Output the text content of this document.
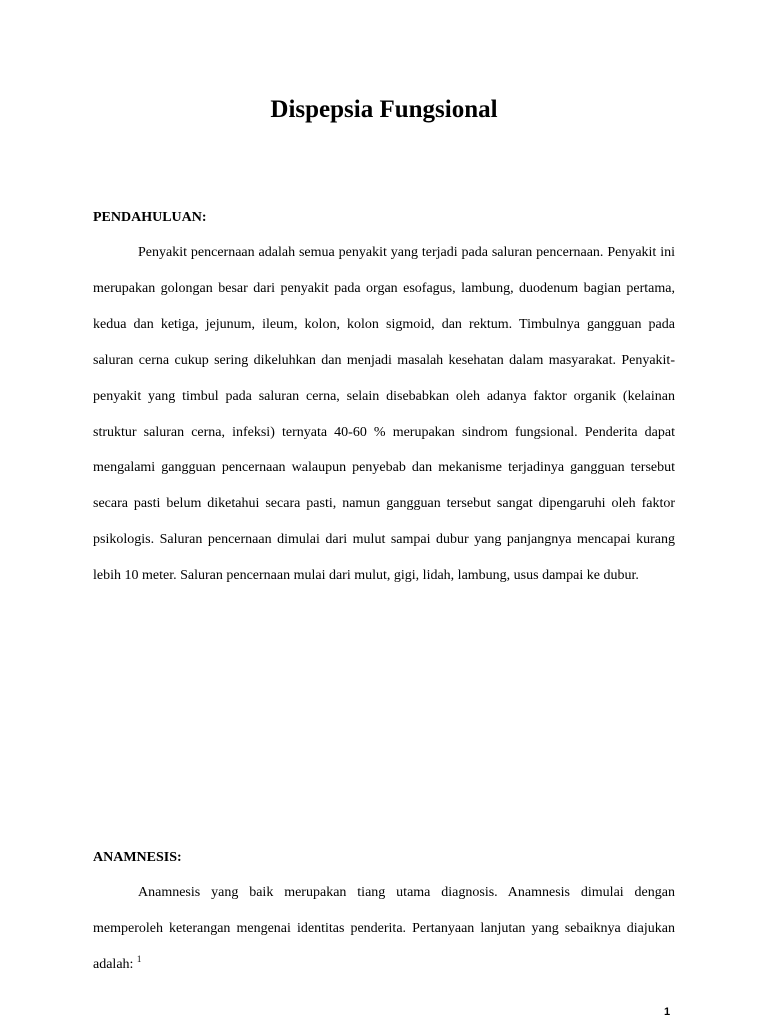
Dispepsia Fungsional
PENDAHULUAN:

Penyakit pencernaan adalah semua penyakit yang terjadi pada saluran pencernaan. Penyakit ini merupakan golongan besar dari penyakit pada organ esofagus, lambung, duodenum bagian pertama, kedua dan ketiga, jejunum, ileum, kolon, kolon sigmoid, dan rektum. Timbulnya gangguan pada saluran cerna cukup sering dikeluhkan dan menjadi masalah kesehatan dalam masyarakat. Penyakit-penyakit yang timbul pada saluran cerna, selain disebabkan oleh adanya faktor organik (kelainan struktur saluran cerna, infeksi) ternyata 40-60 % merupakan sindrom fungsional. Penderita dapat mengalami gangguan pencernaan walaupun penyebab dan mekanisme terjadinya gangguan tersebut secara pasti belum diketahui secara pasti, namun gangguan tersebut sangat dipengaruhi oleh faktor psikologis. Saluran pencernaan dimulai dari mulut sampai dubur yang panjangnya mencapai kurang lebih 10 meter. Saluran pencernaan mulai dari mulut, gigi, lidah, lambung, usus dampai ke dubur.

ANAMNESIS:

Anamnesis yang baik merupakan tiang utama diagnosis. Anamnesis dimulai dengan memperoleh keterangan mengenai identitas penderita. Pertanyaan lanjutan yang sebaiknya diajukan adalah: $^1$

1
